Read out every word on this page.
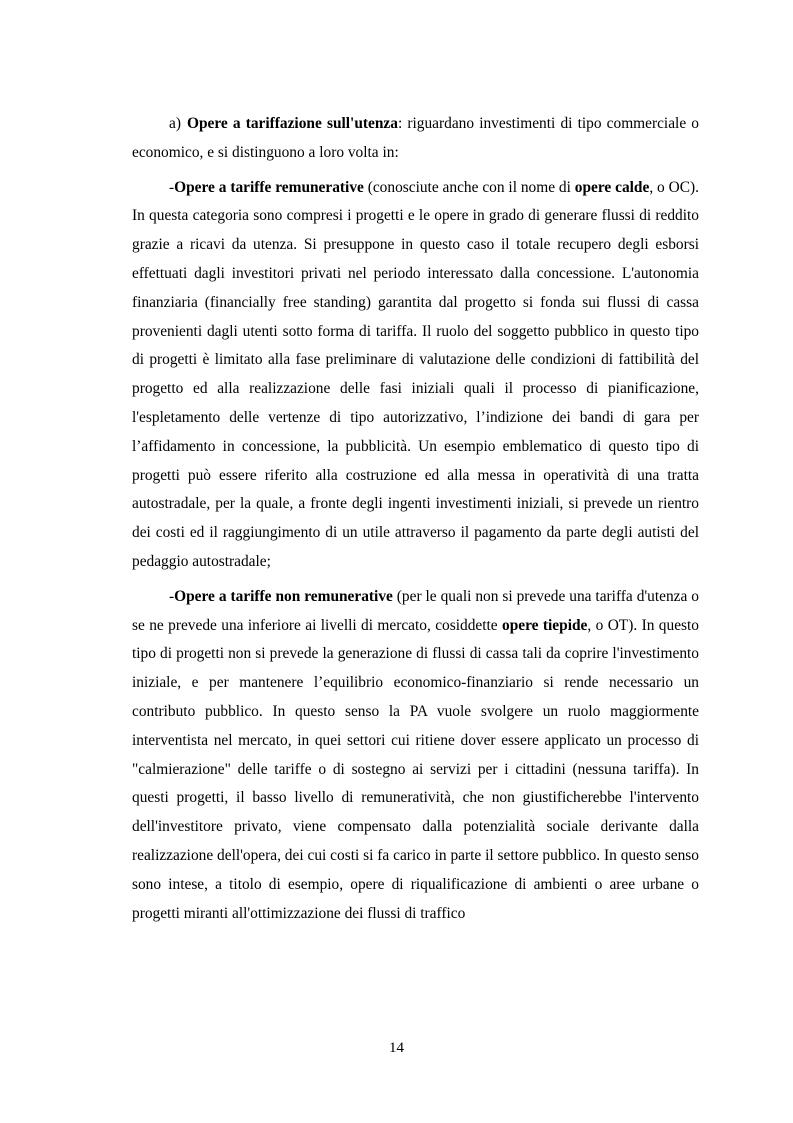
a) Opere a tariffazione sull'utenza: riguardano investimenti di tipo commerciale o economico, e si distinguono a loro volta in:

-Opere a tariffe remunerative (conosciute anche con il nome di opere calde, o OC). In questa categoria sono compresi i progetti e le opere in grado di generare flussi di reddito grazie a ricavi da utenza. Si presuppone in questo caso il totale recupero degli esborsi effettuati dagli investitori privati nel periodo interessato dalla concessione. L'autonomia finanziaria (financially free standing) garantita dal progetto si fonda sui flussi di cassa provenienti dagli utenti sotto forma di tariffa. Il ruolo del soggetto pubblico in questo tipo di progetti è limitato alla fase preliminare di valutazione delle condizioni di fattibilità del progetto ed alla realizzazione delle fasi iniziali quali il processo di pianificazione, l'espletamento delle vertenze di tipo autorizzativo, l’indizione dei bandi di gara per l’affidamento in concessione, la pubblicità. Un esempio emblematico di questo tipo di progetti può essere riferito alla costruzione ed alla messa in operatività di una tratta autostradale, per la quale, a fronte degli ingenti investimenti iniziali, si prevede un rientro dei costi ed il raggiungimento di un utile attraverso il pagamento da parte degli autisti del pedaggio autostradale;

-Opere a tariffe non remunerative (per le quali non si prevede una tariffa d'utenza o se ne prevede una inferiore ai livelli di mercato, cosiddette opere tiepide, o OT). In questo tipo di progetti non si prevede la generazione di flussi di cassa tali da coprire l'investimento iniziale, e per mantenere l’equilibrio economico-finanziario si rende necessario un contributo pubblico. In questo senso la PA vuole svolgere un ruolo maggiormente interventista nel mercato, in quei settori cui ritiene dover essere applicato un processo di "calmierazione" delle tariffe o di sostegno ai servizi per i cittadini (nessuna tariffa). In questi progetti, il basso livello di remuneratività, che non giustificherebbe l'intervento dell'investitore privato, viene compensato dalla potenzialità sociale derivante dalla realizzazione dell'opera, dei cui costi si fa carico in parte il settore pubblico. In questo senso sono intese, a titolo di esempio, opere di riqualificazione di ambienti o aree urbane o progetti miranti all'ottimizzazione dei flussi di traffico

14
